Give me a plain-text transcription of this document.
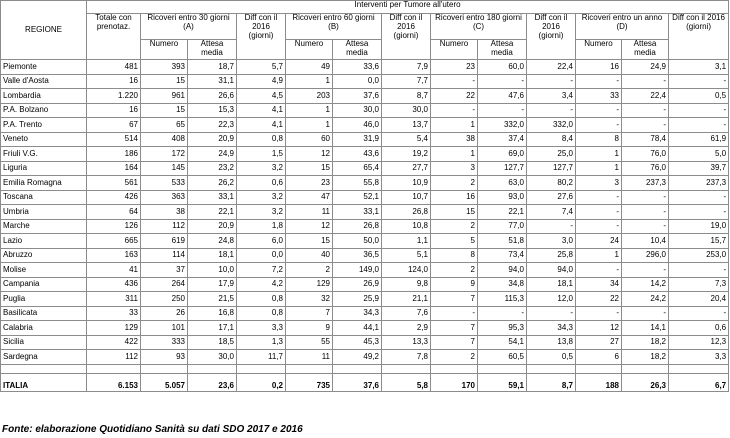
REGIONE	Interventi per Tumore all'utero												
	Totale con prenotaz.	Ricoveri entro 30 giorni (A)		Diff con il 2016 (giorni)	Ricoveri entro 60 giorni (B)		Diff con il 2016 (giorni)	Ricoveri entro 180 giorni (C)		Diff con il 2016 (giorni)	Ricoveri entro un anno (D)		Diff con il 2016 (giorni)
		Numero	Attesa media		Numero	Attesa media		Numero	Attesa media		Numero	Attesa media	
Piemonte	481	393	18,7	5,7	49	33,6	7,9	23	60,0	22,4	16	24,9	3,1
Valle d'Aosta	16	15	31,1	4,9	1	0,0	7,7	-	-	-	-	-	-
Lombardia	1.220	961	26,6	4,5	203	37,6	8,7	22	47,6	3,4	33	22,4	0,5
P.A. Bolzano	16	15	15,3	4,1	1	30,0	30,0	-	-	-	-	-	-
P.A. Trento	67	65	22,3	4,1	1	46,0	13,7	1	332,0	332,0	-	-	-
Veneto	514	408	20,9	0,8	60	31,9	5,4	38	37,4	8,4	8	78,4	61,9
Friuli V.G.	186	172	24,9	1,5	12	43,6	19,2	1	69,0	25,0	1	76,0	5,0
Liguria	164	145	23,2	3,2	15	65,4	27,7	3	127,7	127,7	1	76,0	39,7
Emilia Romagna	561	533	26,2	0,6	23	55,8	10,9	2	63,0	80,2	3	237,3	237,3
Toscana	426	363	33,1	3,2	47	52,1	10,7	16	93,0	27,6	-	-	-
Umbria	64	38	22,1	3,2	11	33,1	26,8	15	22,1	7,4	-	-	-
Marche	126	112	20,9	1,8	12	26,8	10,8	2	77,0	-	-	-	19,0
Lazio	665	619	24,8	6,0	15	50,0	1,1	5	51,8	3,0	24	10,4	15,7
Abruzzo	163	114	18,1	0,0	40	36,5	5,1	8	73,4	25,8	1	296,0	253,0
Molise	41	37	10,0	7,2	2	149,0	124,0	2	94,0	94,0	-	-	-
Campania	436	264	17,9	4,2	129	26,9	9,8	9	34,8	18,1	34	14,2	7,3
Puglia	311	250	21,5	0,8	32	25,9	21,1	7	115,3	12,0	22	24,2	20,4
Basilicata	33	26	16,8	0,8	7	34,3	7,6	-	-	-	-	-	-
Calabria	129	101	17,1	3,3	9	44,1	2,9	7	95,3	34,3	12	14,1	0,6
Sicilia	422	333	18,5	1,3	55	45,3	13,3	7	54,1	13,8	27	18,2	12,3
Sardegna	112	93	30,0	11,7	11	49,2	7,8	2	60,5	0,5	6	18,2	3,3

ITALIA	6.153	5.057	23,6	0,2	735	37,6	5,8	170	59,1	8,7	188	26,3	6,7
Fonte: elaborazione Quotidiano Sanità su dati SDO 2017 e 2016
